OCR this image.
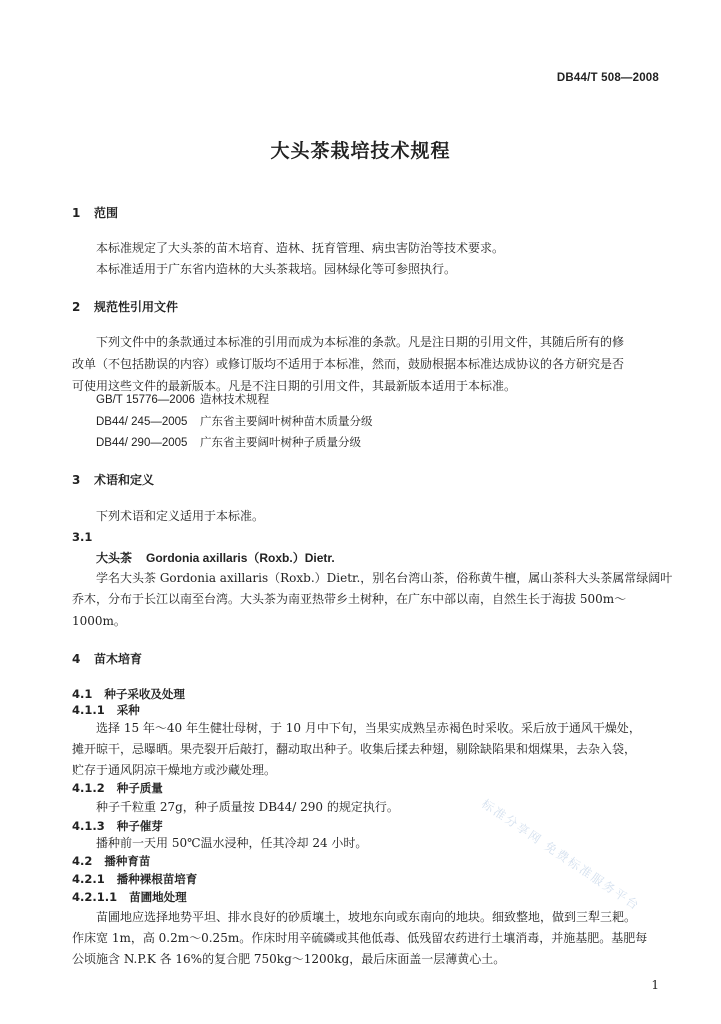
DB44/T 508—2008
大头茶栽培技术规程
1 范围
本标准规定了大头茶的苗木培育、造林、抚育管理、病虫害防治等技术要求。
本标准适用于广东省内造林的大头茶栽培。园林绿化等可参照执行。
2 规范性引用文件
下列文件中的条款通过本标准的引用而成为本标准的条款。凡是注日期的引用文件，其随后所有的修
改单（不包括勘误的内容）或修订版均不适用于本标准，然而，鼓励根据本标准达成协议的各方研究是否
可使用这些文件的最新版本。凡是不注日期的引用文件，其最新版本适用于本标准。
GB/T 15776—2006 造林技术规程
DB44/ 245—2005 广东省主要阔叶树种苗木质量分级
DB44/ 290—2005 广东省主要阔叶树种子质量分级
3 术语和定义
下列术语和定义适用于本标准。
3.1
大头茶 Gordonia axillaris（Roxb.）Dietr.
学名大头茶 Gordonia axillaris（Roxb.）Dietr.，别名台湾山茶，俗称黄牛檀，属山茶科大头茶属常绿阔叶
乔木，分布于长江以南至台湾。大头茶为南亚热带乡土树种，在广东中部以南，自然生长于海拔 500m～
1000m。
4 苗木培育
4.1 种子采收及处理
4.1.1 采种
选择 15 年～40 年生健壮母树，于 10 月中下旬，当果实成熟呈赤褐色时采收。采后放于通风干燥处，
摊开晾干，忌曝晒。果壳裂开后敲打，翻动取出种子。收集后揉去种翅，剔除缺陷果和烟煤果，去杂入袋，
贮存于通风阴凉干燥地方或沙藏处理。
4.1.2 种子质量
种子千粒重 27g，种子质量按 DB44/ 290 的规定执行。
4.1.3 种子催芽
播种前一天用 50℃温水浸种，任其冷却 24 小时。
4.2 播种育苗
4.2.1 播种裸根苗培育
4.2.1.1 苗圃地处理
苗圃地应选择地势平坦、排水良好的砂质壤土，坡地东向或东南向的地块。细致整地，做到三犁三耙。
作床宽 1m，高 0.2m～0.25m。作床时用辛硫磷或其他低毒、低残留农药进行土壤消毒，并施基肥。基肥每
公顷施含 N.P.K 各 16%的复合肥 750kg～1200kg，最后床面盖一层薄黄心土。
标准分享网 免费标准服务平台
1
